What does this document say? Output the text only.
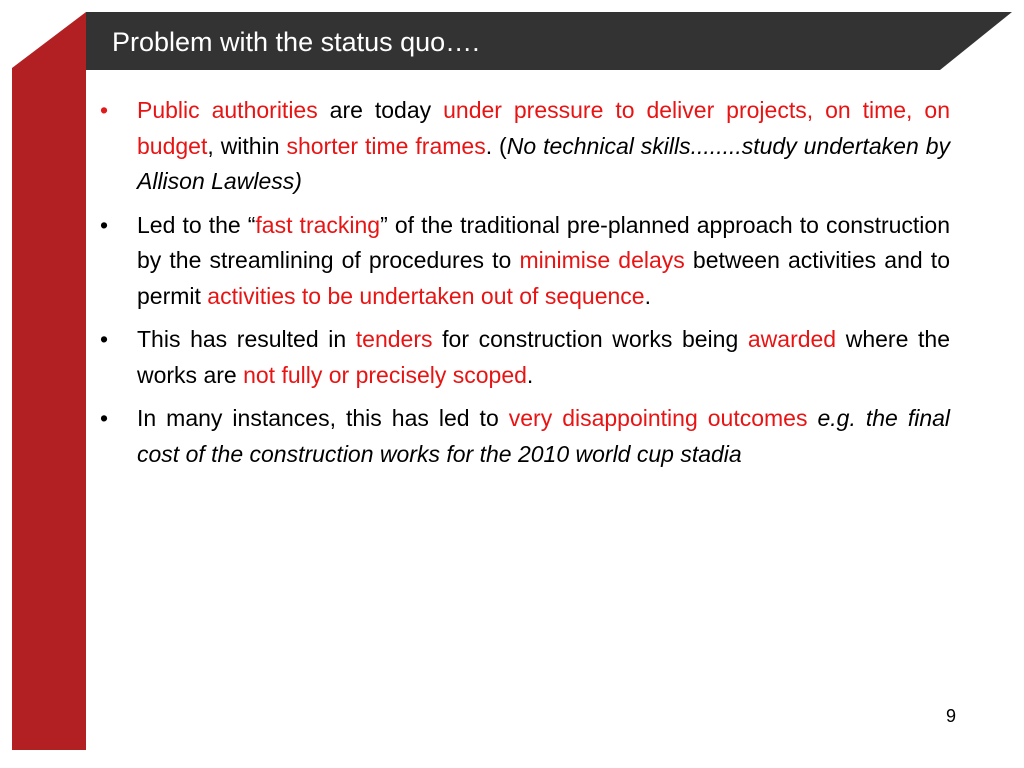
Problem with the status quo….
• Public authorities are today under pressure to deliver projects, on time, on budget, within shorter time frames. (No technical skills........study undertaken by Allison Lawless)
• Led to the “fast tracking” of the traditional pre-planned approach to construction by the streamlining of procedures to minimise delays between activities and to permit activities to be undertaken out of sequence.
• This has resulted in tenders for construction works being awarded where the works are not fully or precisely scoped.
• In many instances, this has led to very disappointing outcomes e.g. the final cost of the construction works for the 2010 world cup stadia
9
